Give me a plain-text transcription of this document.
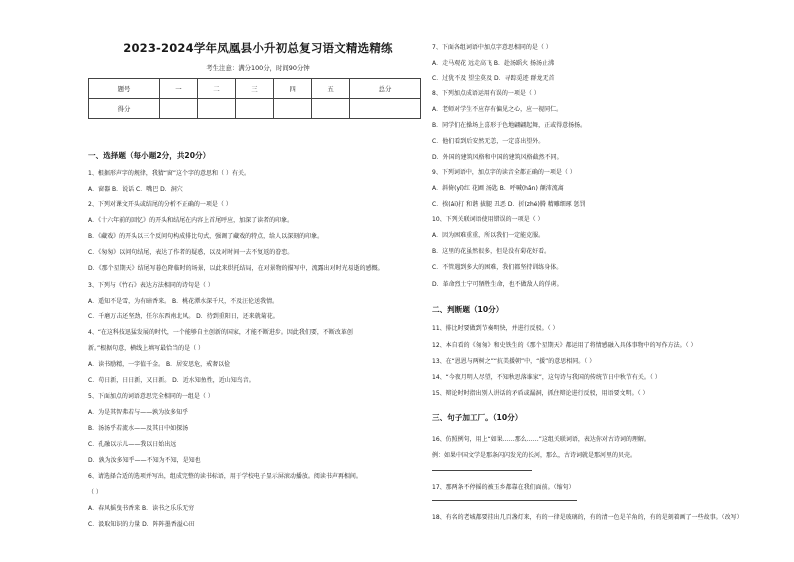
2023-2024学年凤凰县小升初总复习语文精选精练
考生注意：满分100分，时间90分钟
题号	一	二	三	四	五	总分
得分						
一、选择题（每小题2分，共20分）
1、根据形声字的规律，我猜“窗”这个字的意思和（ ）有关。
A．窗器 B．说话 C．嘴巴 D．洞穴
2、下列对课文开头或结尾的分析不正确的一项是（ ）
A．《十六年前的回忆》的开头和结尾在内容上首尾呼应，加深了读者的印象。
B．《藏戏》的开头以三个反问句构成排比句式，强调了藏戏的特点，给人以深刻的印象。
C．《匆匆》以问句结尾，表达了作者的疑惑，以及对时间一去不复返的眷恋。
D．《那个星期天》结尾写暮色降临时的场景，以此来烘托结局，在对景物的描写中，流露出对时光易逝的感慨。
3、下列与《竹石》表达方法相同的诗句是（ ）
A．遥知不是雪，为有暗香来。 B．桃花潭水深千尺，不及汪伦送我情。
C．千磨万击还坚劲，任尔东西南北风。 D．待到重阳日，还来就菊花。
4、“在这科技迅猛发展的时代，一个能够自主创新的国家，才能不断进步。因此我们要，不断改革创
新。”根据句意，横线上填写最恰当的是（ ）
A．读书励精，一字值千金。 B．居安思危，戒奢以俭
C．苟日新，日日新，又日新。 D．近水知鱼性，近山知鸟音。
5、下面加点的词语意思完全相同的一组是（ ）
A．为是其智弗若与——孰为汝多知乎
B．汤汤乎若流水——及其日中如探汤
C．孔融以示儿——我以日始出远
D．孰为汝多知乎——不知为不知，是知也
6、请选择合适的选项并写出，组成完整的读书标语，用于学校电子显示屏滚动播放。阅读书声再相间。
（ ）
A．春风摇曳书香来 B．读书之乐乐无穷
C．汲取知识的力量 D．阵阵墨香溢心田
7、下面各组词语中加点字意思相同的是（ ）
A．走马观花 远走高飞 B．赴汤蹈火 扬汤止沸
C．过犹不及 望尘莫及 D．寻踪觅迹 群龙无首
8、下列加点成语运用有误的一项是（ ）
A．老师对学生不应存有偏见之心，应一视同仁。
B．同学们在操场上喜形于色地翩翩起舞，正或得意扬扬。
C．他们看到后安然无恙，一定喜出望外。
D．外国的建筑风格和中国的建筑风格截然不同。
9、下列词语中，加点字的读音全都正确的一项是（ ）
A．斜倚(yǐ)红 花圃 汤匙 B．呼喊(hǎn) 颠沛流离
C．挨(ái)打 和谐 拔腿 丑恶 D．折(zhé)腾 精雕细琢 惩罚
10、下列关联词语使用错误的一项是（ ）
A．因为困难重重，所以我们一定能克服。
B．这里的花虽然很多，但是没有菊花好看。
C．不管遇到多大的困难，我们都坚持训练身体。
D．革命烈士宁可牺牲生命，也不做敌人的俘虏。
11、排比时要做到节奏明快，并进行反驳。（ ）
12、本自看的《匆匆》和史铁生的《那个星期天》都运用了将情感融入具体事物中的写作方法。（ ）
13、在“恩恩与两树之”“抗美援朝”中，“援”的意思相同。（ ）
14、“今夜月明人尽望，不知秋思落谁家”，这句诗与我国的传统节日中秋节有关。（ ）
15、辩论时时指出别人讲话的矛盾或漏洞，抓住辩论进行反驳，用语要文明。（ ）
16、仿照例句，用上“如果……那么……”这组关联词语，表达你对古诗词的理解。
例：如果中国文学是那条闪闪发光的长河，那么，古诗词就是那河里的贝壳。
17、那两条不停摇的被玉乡都靠在我们面前。（缩句）
18、有名的老城都要挂出几百盏灯来，有的一律是玻璃的，有的清一色是羊角的，有的是刻着画了一些故事。（改写）
二、判断题（10分）
三、句子加工厂。（10分）
